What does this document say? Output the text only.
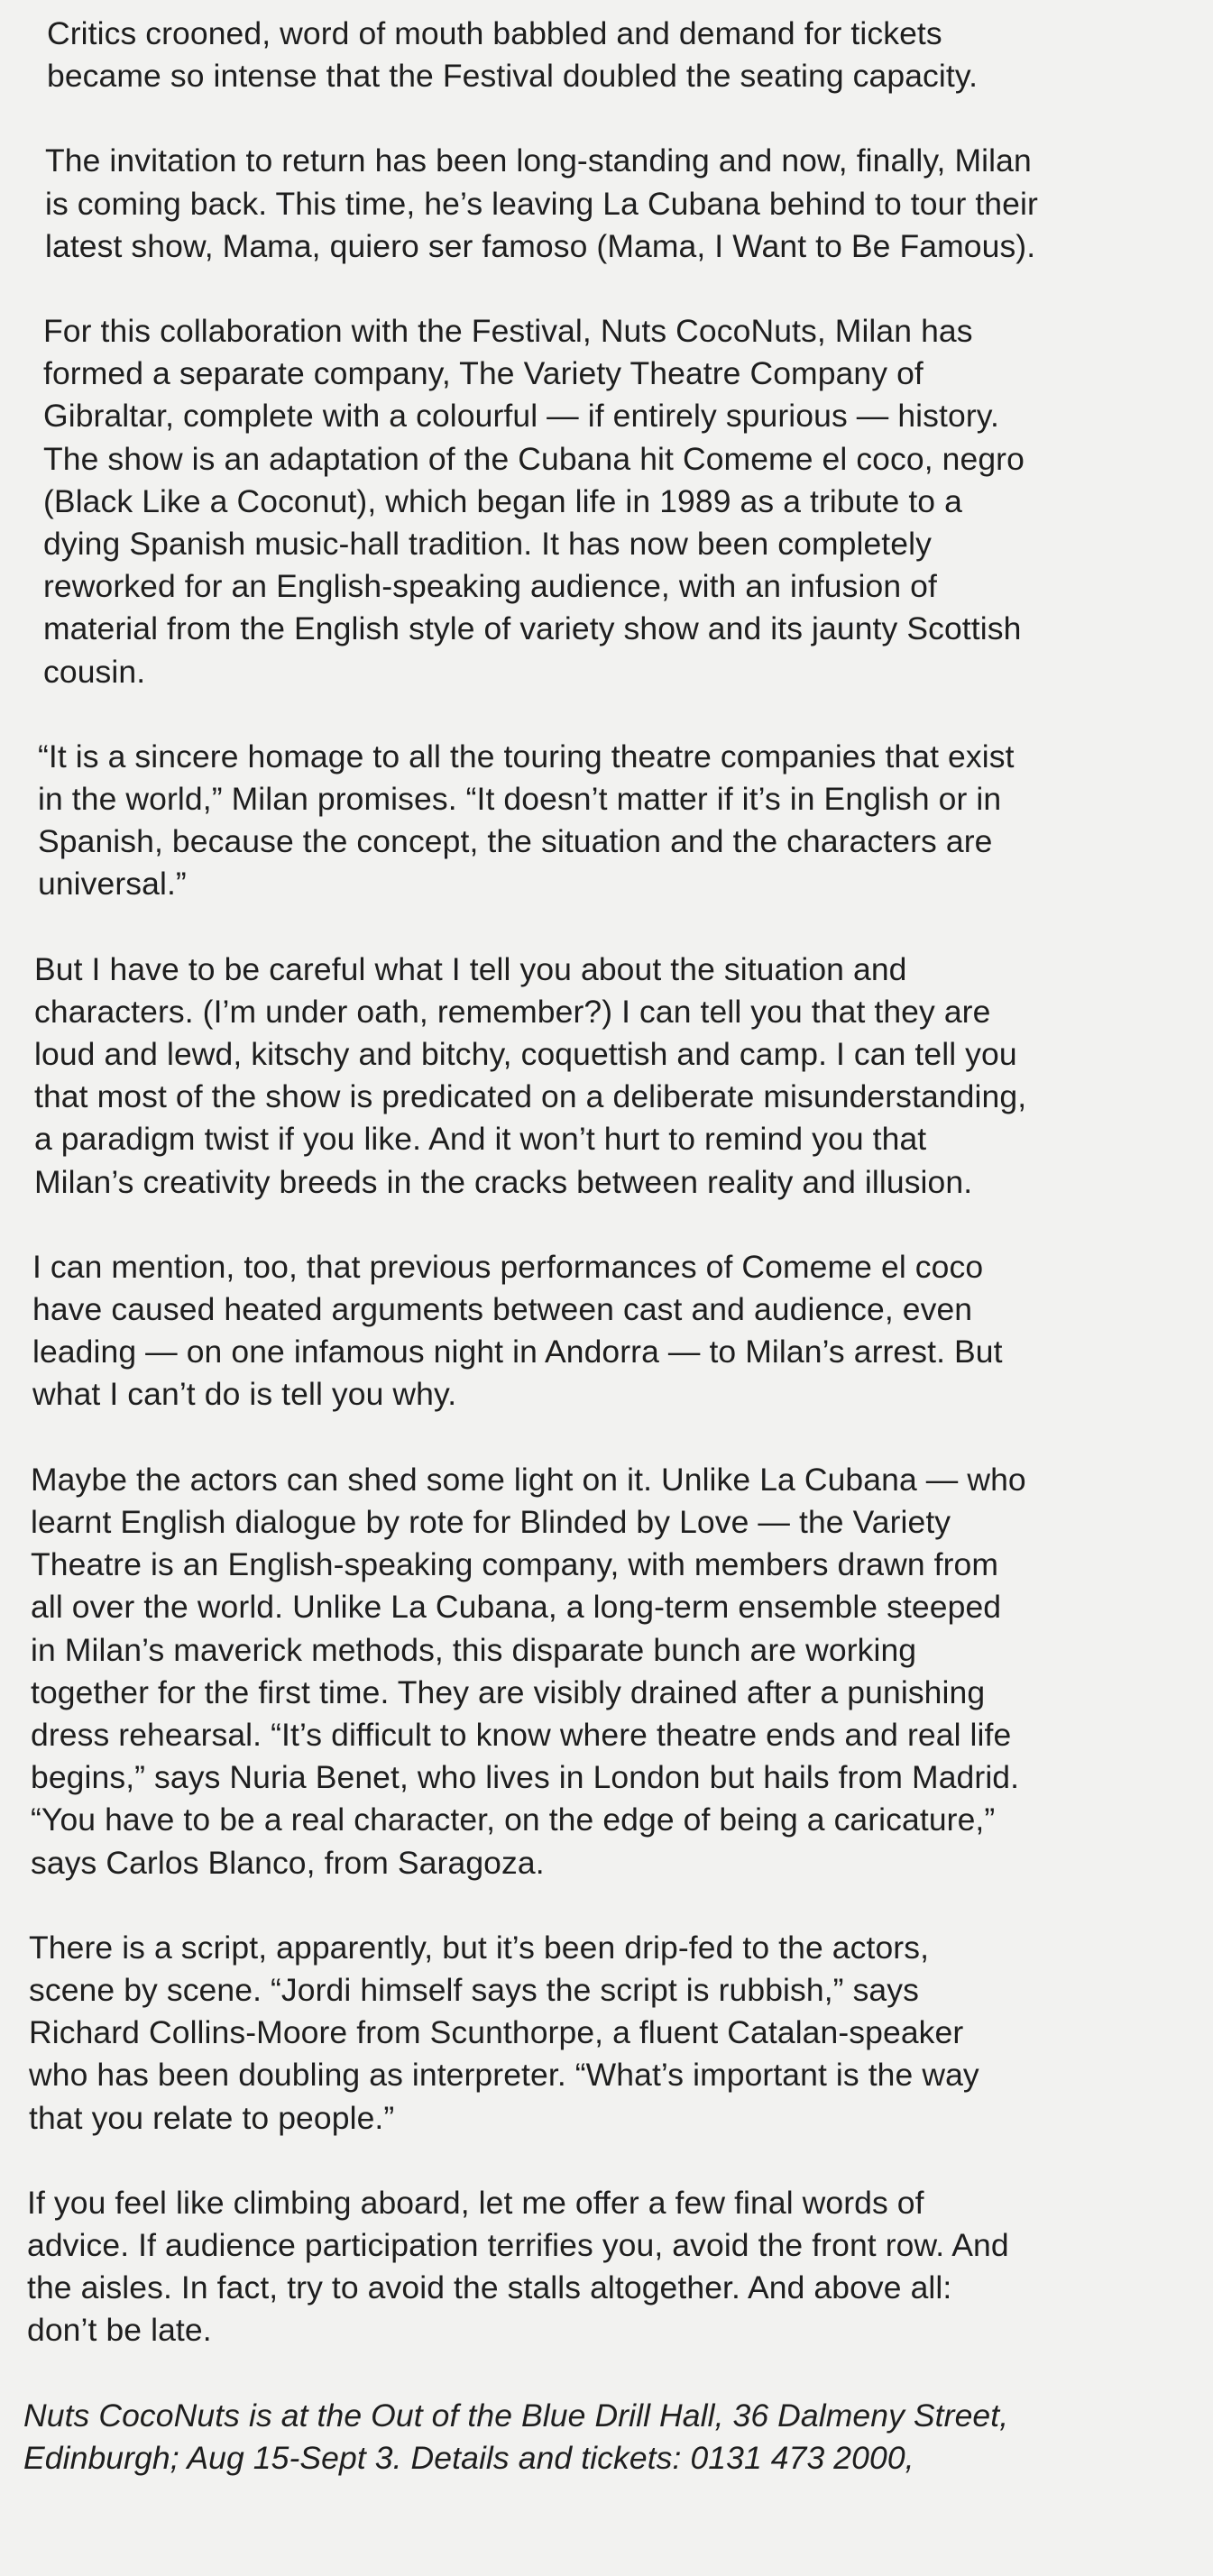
Critics crooned, word of mouth babbled and demand for tickets
became so intense that the Festival doubled the seating capacity.

The invitation to return has been long-standing and now, finally, Milan
is coming back. This time, he’s leaving La Cubana behind to tour their
latest show, Mama, quiero ser famoso (Mama, I Want to Be Famous).

For this collaboration with the Festival, Nuts CocoNuts, Milan has
formed a separate company, The Variety Theatre Company of
Gibraltar, complete with a colourful — if entirely spurious — history.
The show is an adaptation of the Cubana hit Comeme el coco, negro
(Black Like a Coconut), which began life in 1989 as a tribute to a
dying Spanish music-hall tradition. It has now been completely
reworked for an English-speaking audience, with an infusion of
material from the English style of variety show and its jaunty Scottish
cousin.

“It is a sincere homage to all the touring theatre companies that exist
in the world,” Milan promises. “It doesn’t matter if it’s in English or in
Spanish, because the concept, the situation and the characters are
universal.”

But I have to be careful what I tell you about the situation and
characters. (I’m under oath, remember?) I can tell you that they are
loud and lewd, kitschy and bitchy, coquettish and camp. I can tell you
that most of the show is predicated on a deliberate misunderstanding,
a paradigm twist if you like. And it won’t hurt to remind you that
Milan’s creativity breeds in the cracks between reality and illusion.

I can mention, too, that previous performances of Comeme el coco
have caused heated arguments between cast and audience, even
leading — on one infamous night in Andorra — to Milan’s arrest. But
what I can’t do is tell you why.

Maybe the actors can shed some light on it. Unlike La Cubana — who
learnt English dialogue by rote for Blinded by Love — the Variety
Theatre is an English-speaking company, with members drawn from
all over the world. Unlike La Cubana, a long-term ensemble steeped
in Milan’s maverick methods, this disparate bunch are working
together for the first time. They are visibly drained after a punishing
dress rehearsal. “It’s difficult to know where theatre ends and real life
begins,” says Nuria Benet, who lives in London but hails from Madrid.
“You have to be a real character, on the edge of being a caricature,”
says Carlos Blanco, from Saragoza.

There is a script, apparently, but it’s been drip-fed to the actors,
scene by scene. “Jordi himself says the script is rubbish,” says
Richard Collins-Moore from Scunthorpe, a fluent Catalan-speaker
who has been doubling as interpreter. “What’s important is the way
that you relate to people.”

If you feel like climbing aboard, let me offer a few final words of
advice. If audience participation terrifies you, avoid the front row. And
the aisles. In fact, try to avoid the stalls altogether. And above all:
don’t be late.

Nuts CocoNuts is at the Out of the Blue Drill Hall, 36 Dalmeny Street,
Edinburgh; Aug 15-Sept 3. Details and tickets: 0131 473 2000,
